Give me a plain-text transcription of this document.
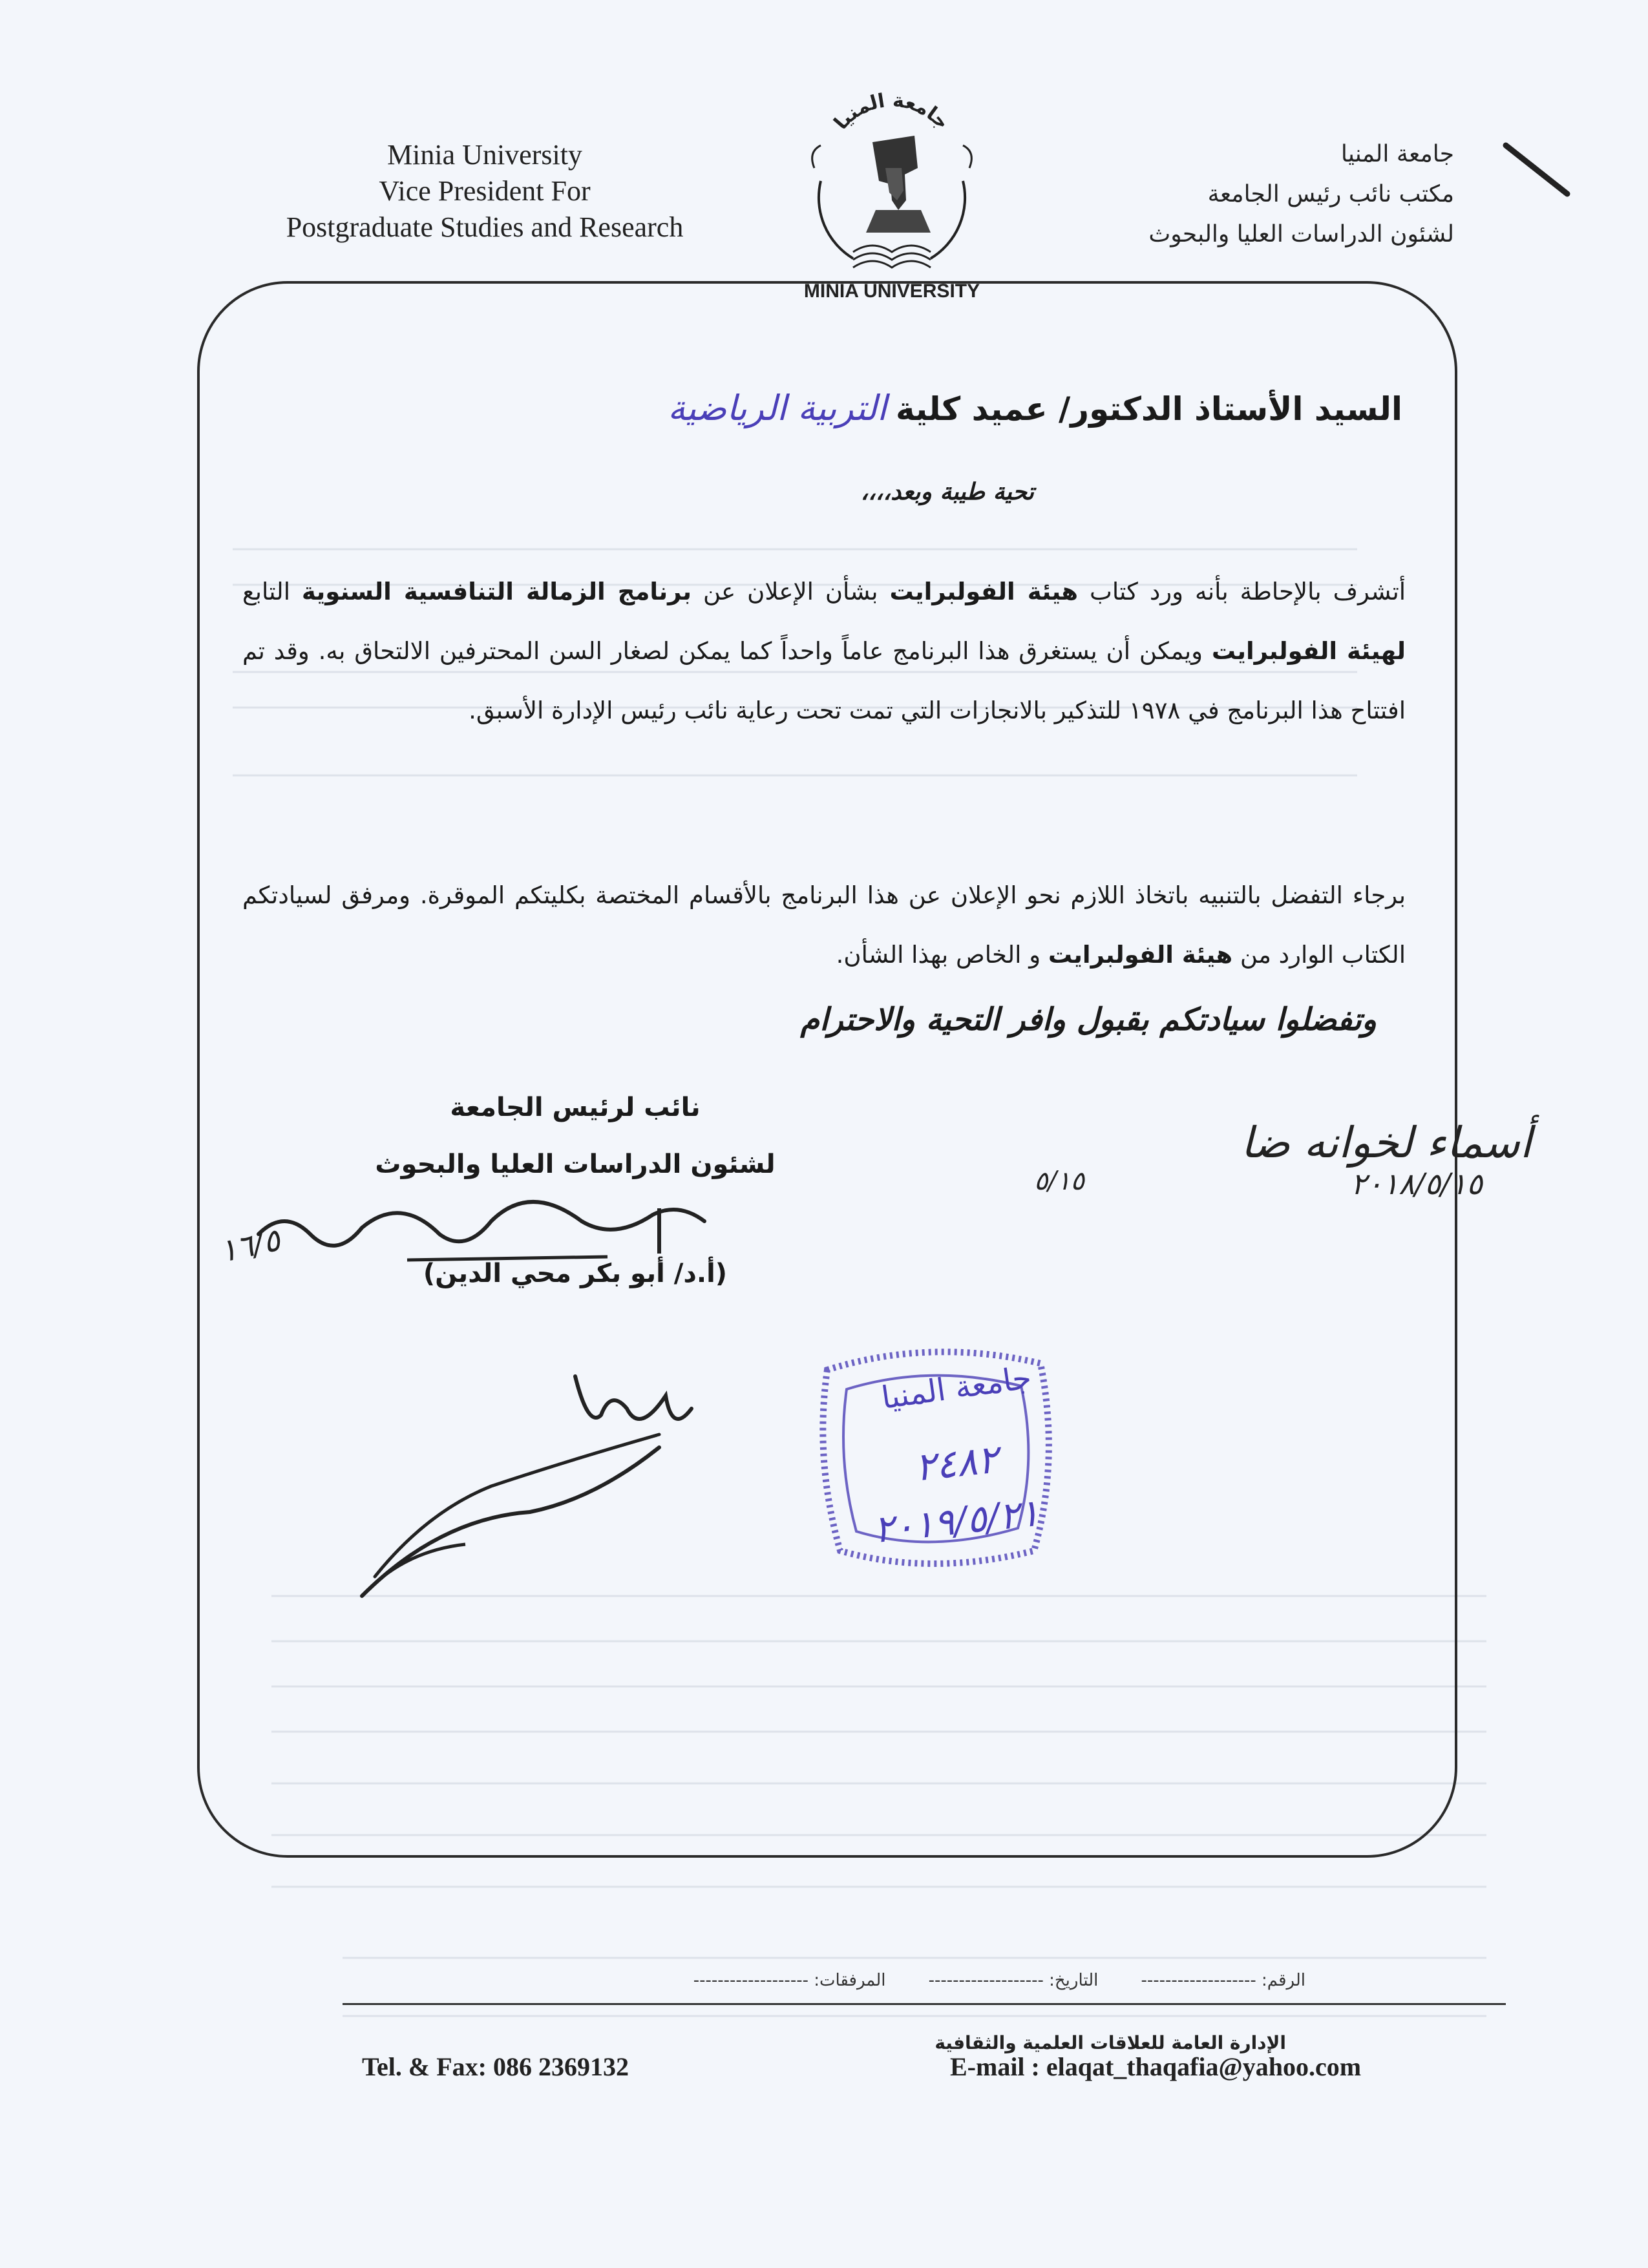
Minia University
Vice President For
Postgraduate Studies and Research
جامعة المنيا
مكتب نائب رئيس الجامعة
لشئون الدراسات العليا والبحوث
جامعة المنيا
MINIA UNIVERSITY
السيد الأستاذ الدكتور/ عميد كليةالتربية الرياضية
تحية طيبة وبعد،،،،
أتشرف بالإحاطة بأنه ورد كتاب هيئة الفولبرايت بشأن الإعلان عن برنامج الزمالة التنافسية السنوية التابع لهيئة الفولبرايت ويمكن أن يستغرق هذا البرنامج عاماً واحداً كما يمكن لصغار السن المحترفين الالتحاق به. وقد تم افتتاح هذا البرنامج في ١٩٧٨ للتذكير بالانجازات التي تمت تحت رعاية نائب رئيس الإدارة الأسبق.
برجاء التفضل بالتنبيه باتخاذ اللازم نحو الإعلان عن هذا البرنامج بالأقسام المختصة بكليتكم الموقرة. ومرفق لسيادتكم الكتاب الوارد من هيئة الفولبرايت و الخاص بهذا الشأن.
وتفضلوا سيادتكم بقبول وافر التحية والاحترام
نائب لرئيس الجامعة
لشئون الدراسات العليا والبحوث
١٦/٥
(أ.د/ أبو بكر محي الدين)
أسماء لخوانه ضا
٥/١٥	٢٠١٨/٥/١٥
جامعة المنيا
٢٤٨٢
٢٠١٩/٥/٢١
الرقم: -------------------        التاريخ: -------------------        المرفقات: -------------------
الإدارة العامة للعلاقات العلمية والثقافية
Tel. & Fax: 086 2369132	E-mail : elaqat_thaqafia@yahoo.com
